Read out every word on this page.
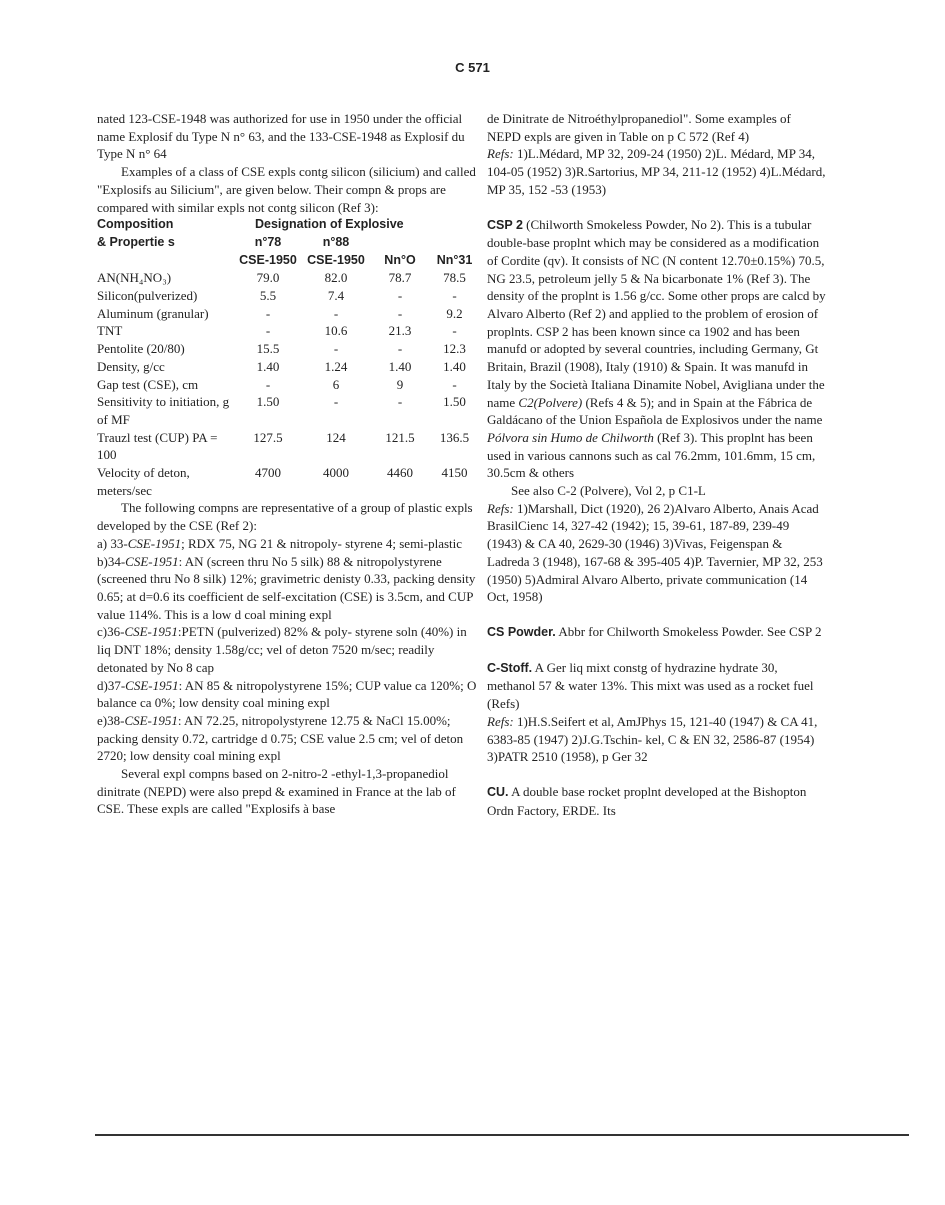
C 571

nated 123-CSE-1948 was authorized for use in 1950 under the official name Explosif du Type N n° 63, and the 133-CSE-1948 as Explosif du Type N n° 64

Examples of a class of CSE expls contg silicon (silicium) and called "Explosifs au Silicium", are given below. Their compn & props are compared with similar expls not contg silicon (Ref 3):

Composition	Designation of Explosive			
& Propertie s	n°78	n°88		
	CSE-1950	CSE-1950	Nn°O	Nn°31
AN(NH₄NO₃)	79.0	82.0	78.7	78.5
Silicon(pulverized)	5.5	7.4	-	-
Aluminum (granular)	-	-	-	9.2
TNT	-	10.6	21.3	-
Pentolite (20/80)	15.5	-	-	12.3
Density, g/cc	1.40	1.24	1.40	1.40
Gap test (CSE), cm	-	6	9	-
Sensitivity to initiation, g of MF	1.50	-	-	1.50
Trauzl test (CUP) PA = 100	127.5	124	121.5	136.5
Velocity of deton, meters/sec	4700	4000	4460	4150

The following compns are representative of a group of plastic expls developed by the CSE (Ref 2):

a) 33-CSE-1951; RDX 75, NG 21 & nitropoly- styrene 4; semi-plastic

b)34-CSE-1951: AN (screen thru No 5 silk) 88 & nitropolystyrene (screened thru No 8 silk) 12%; gravimetric denisty 0.33, packing density 0.65; at d=0.6 its coefficient de self-excitation (CSE) is 3.5cm, and CUP value 114%. This is a low d coal mining expl

c)36-CSE-1951:PETN (pulverized) 82% & poly- styrene soln (40%) in liq DNT 18%; density 1.58g/cc; vel of deton 7520 m/sec; readily detonated by No 8 cap

d)37-CSE-1951: AN 85 & nitropolystyrene 15%; CUP value ca 120%; O balance ca 0%; low density coal mining expl

e)38-CSE-1951: AN 72.25, nitropolystyrene 12.75 & NaCl 15.00%; packing density 0.72, cartridge d 0.75; CSE value 2.5 cm; vel of deton 2720; low density coal mining expl

Several expl compns based on 2-nitro-2 -ethyl-1,3-propanediol dinitrate (NEPD) were also prepd & examined in France at the lab of CSE. These expls are called "Explosifs à base

de Dinitrate de Nitroéthylpropanediol". Some examples of NEPD expls are given in Table on p C 572 (Ref 4)

Refs: 1)L.Médard, MP 32, 209-24 (1950) 2)L. Médard, MP 34, 104-05 (1952) 3)R.Sartorius, MP 34, 211-12 (1952) 4)L.Médard, MP 35, 152 -53 (1953)

CSP 2 (Chilworth Smokeless Powder, No 2). This is a tubular double-base proplnt which may be considered as a modification of Cordite (qv). It consists of NC (N content 12.70±0.15%) 70.5, NG 23.5, petroleum jelly 5 & Na bicarbonate 1% (Ref 3). The density of the proplnt is 1.56 g/cc. Some other props are calcd by Alvaro Alberto (Ref 2) and applied to the problem of erosion of proplnts. CSP 2 has been known since ca 1902 and has been manufd or adopted by several countries, including Germany, Gt Britain, Brazil (1908), Italy (1910) & Spain. It was manufd in Italy by the Società Italiana Dinamite Nobel, Avigliana under the name C2(Polvere) (Refs 4 & 5); and in Spain at the Fábrica de Galdácano of the Union Española de Explosivos under the name Pólvora sin Humo de Chilworth (Ref 3). This proplnt has been used in various cannons such as cal 76.2mm, 101.6mm, 15 cm, 30.5cm & others

See also C-2 (Polvere), Vol 2, p C1-L

Refs: 1)Marshall, Dict (1920), 26 2)Alvaro Alberto, Anais Acad BrasilCienc 14, 327-42 (1942); 15, 39-61, 187-89, 239-49 (1943) & CA 40, 2629-30 (1946) 3)Vivas, Feigenspan & Ladreda 3 (1948), 167-68 & 395-405 4)P. Tavernier, MP 32, 253 (1950) 5)Admiral Alvaro Alberto, private communication (14 Oct, 1958)

CS Powder. Abbr for Chilworth Smokeless Powder. See CSP 2

C-Stoff. A Ger liq mixt constg of hydrazine hydrate 30, methanol 57 & water 13%. This mixt was used as a rocket fuel (Refs)

Refs: 1)H.S.Seifert et al, AmJPhys 15, 121-40 (1947) & CA 41, 6383-85 (1947) 2)J.G.Tschin- kel, C & EN 32, 2586-87 (1954) 3)PATR 2510 (1958), p Ger 32

CU. A double base rocket proplnt developed at the Bishopton Ordn Factory, ERDE. Its
